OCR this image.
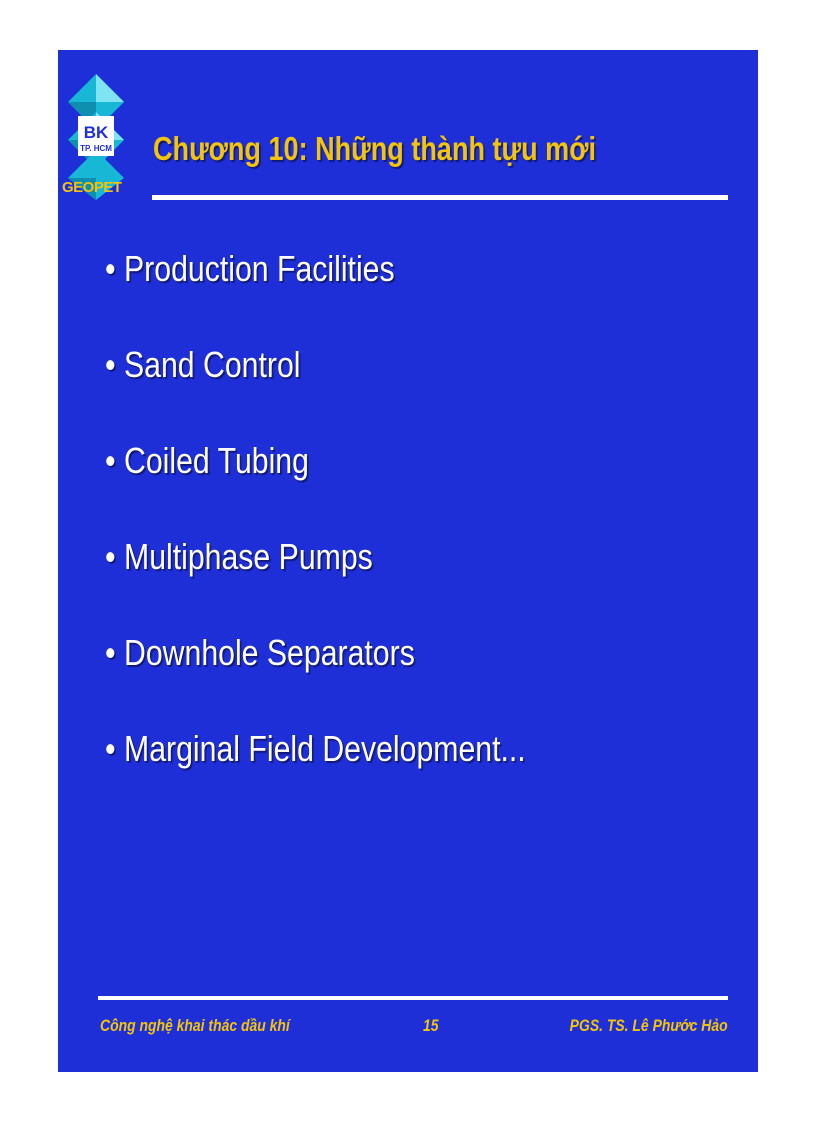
BK
TP. HCM
GEOPET
Chương 10: Những thành tựu mới
• Production Facilities
• Sand Control
• Coiled Tubing
• Multiphase Pumps
• Downhole Separators
• Marginal Field Development...
Công nghệ khai thác dầu khí	15	PGS. TS. Lê Phước Hảo
